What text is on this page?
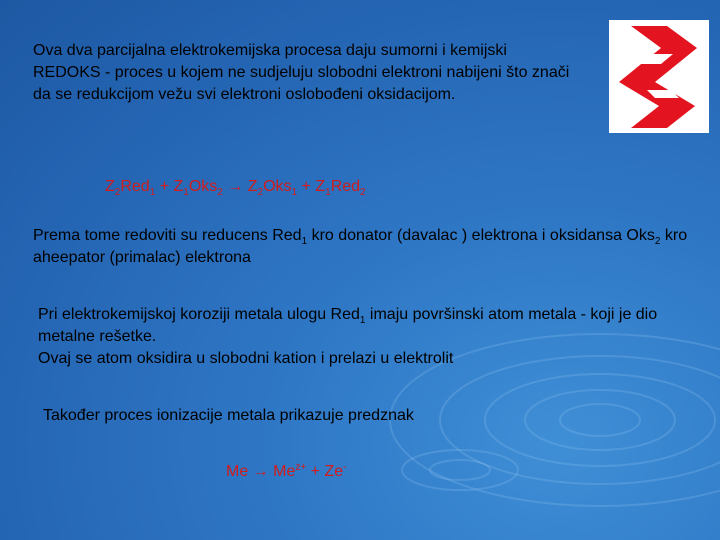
Ova dva parcijalna elektrokemijska procesa daju sumorni i kemijski REDOKS - proces u kojem ne sudjeluju slobodni elektroni nabijeni što znači da se redukcijom vežu svi elektroni oslobođeni oksidacijom.
$Z_2Red_1 + Z_1Oks_2 \to Z_2Oks_1 + Z_1Red_2$
Prema tome redoviti su reducens Red$_1$ kro donator (davalac ) elektrona i oksidansa Oks$_2$ kro aheepator (primalac) elektrona
Pri elektrokemijskoj koroziji metala ulogu Red$_1$ imaju površinski atom metala - koji je dio metalne rešetke.
Ovaj se atom oksidira u slobodni kation i prelazi u elektrolit
Također proces ionizacije metala prikazuje predznak
$Me \to Me^{z+} + Ze^-$
